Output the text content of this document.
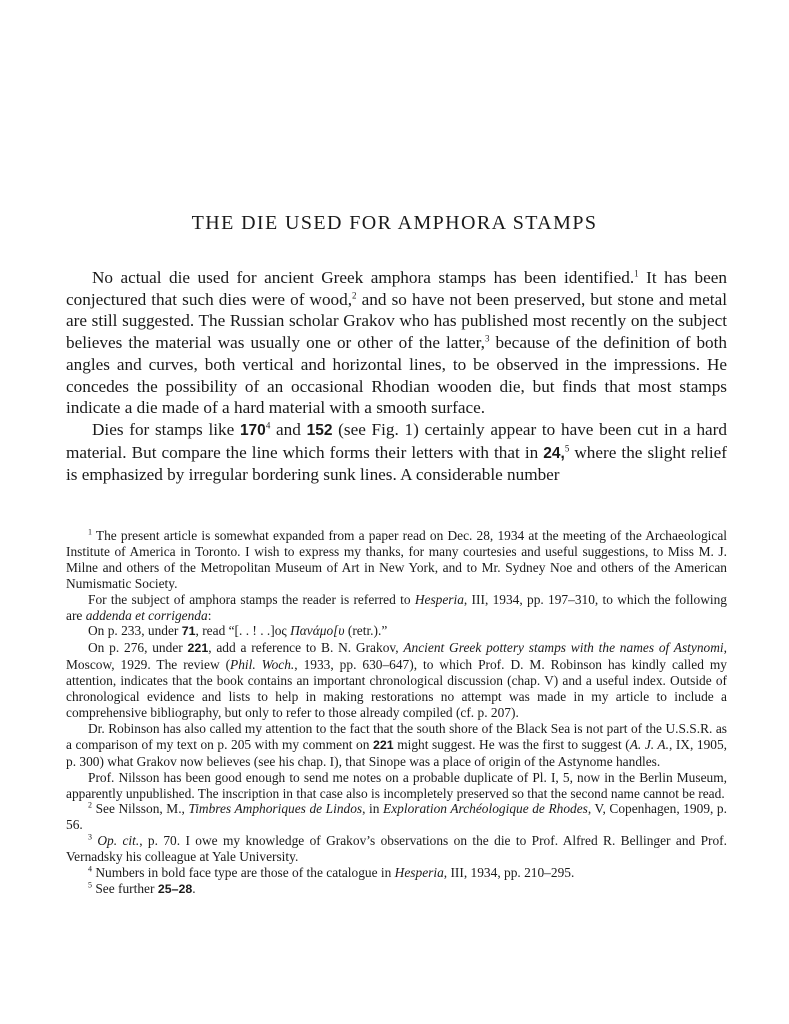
THE DIE USED FOR AMPHORA STAMPS

No actual die used for ancient Greek amphora stamps has been identified.$^1$ It has been conjectured that such dies were of wood,$^2$ and so have not been preserved, but stone and metal are still suggested. The Russian scholar Grakov who has published most recently on the subject believes the material was usually one or other of the latter,$^3$ because of the definition of both angles and curves, both vertical and horizontal lines, to be observed in the impressions. He concedes the possibility of an occasional Rhodian wooden die, but finds that most stamps indicate a die made of a hard material with a smooth surface.

Dies for stamps like $170^4$ and 152 (see Fig. 1) certainly appear to have been cut in a hard material. But compare the line which forms their letters with that in 24,$^5$ where the slight relief is emphasized by irregular bordering sunk lines. A considerable number

$^1$ The present article is somewhat expanded from a paper read on Dec. 28, 1934 at the meeting of the Archaeological Institute of America in Toronto. I wish to express my thanks, for many courtesies and useful suggestions, to Miss M. J. Milne and others of the Metropolitan Museum of Art in New York, and to Mr. Sydney Noe and others of the American Numismatic Society.

For the subject of amphora stamps the reader is referred to Hesperia, III, 1934, pp. 197–310, to which the following are addenda et corrigenda:

On p. 233, under 71, read “[. . ! . .]ος Πανάμο[υ (retr.).”

On p. 276, under 221, add a reference to B. N. Grakov, Ancient Greek pottery stamps with the names of Astynomi, Moscow, 1929. The review (Phil. Woch., 1933, pp. 630–647), to which Prof. D. M. Robinson has kindly called my attention, indicates that the book contains an important chronological discussion (chap. V) and a useful index. Outside of chronological evidence and lists to help in making restorations no attempt was made in my article to include a comprehensive bibliography, but only to refer to those already compiled (cf. p. 207).

Dr. Robinson has also called my attention to the fact that the south shore of the Black Sea is not part of the U.S.S.R. as a comparison of my text on p. 205 with my comment on 221 might suggest. He was the first to suggest (A. J. A., IX, 1905, p. 300) what Grakov now believes (see his chap. I), that Sinope was a place of origin of the Astynome handles.

Prof. Nilsson has been good enough to send me notes on a probable duplicate of Pl. I, 5, now in the Berlin Museum, apparently unpublished. The inscription in that case also is incompletely preserved so that the second name cannot be read.

$^2$ See Nilsson, M., Timbres Amphoriques de Lindos, in Exploration Archéologique de Rhodes, V, Copenhagen, 1909, p. 56.

$^3$ Op. cit., p. 70. I owe my knowledge of Grakov’s observations on the die to Prof. Alfred R. Bellinger and Prof. Vernadsky his colleague at Yale University.

$^4$ Numbers in bold face type are those of the catalogue in Hesperia, III, 1934, pp. 210–295.

$^5$ See further 25–28.
